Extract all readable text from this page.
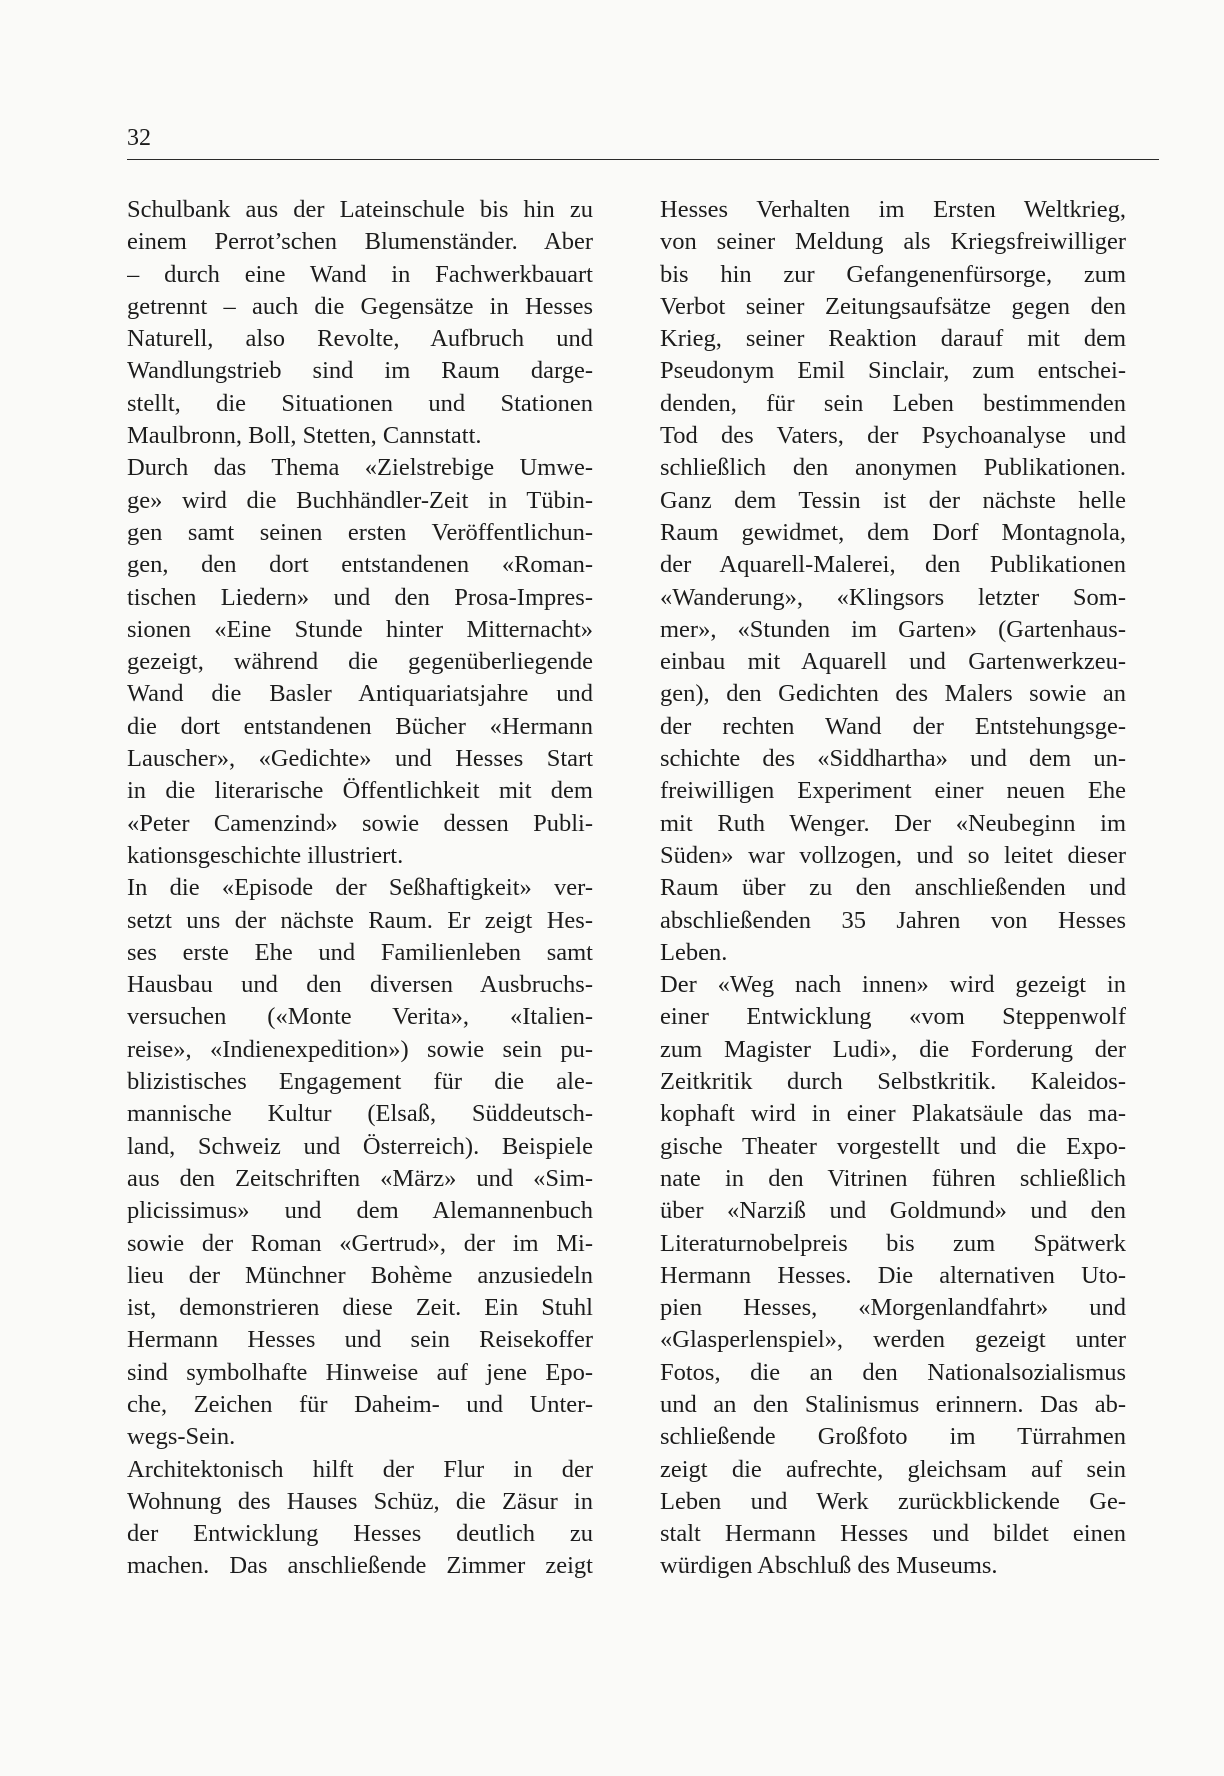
32
Schulbank aus der Lateinschule bis hin zu
einem Perrot’schen Blumenständer. Aber
– durch eine Wand in Fachwerkbauart
getrennt – auch die Gegensätze in Hesses
Naturell, also Revolte, Aufbruch und
Wandlungstrieb sind im Raum darge-
stellt, die Situationen und Stationen
Maulbronn, Boll, Stetten, Cannstatt.
Durch das Thema «Zielstrebige Umwe-
ge» wird die Buchhändler-Zeit in Tübin-
gen samt seinen ersten Veröffentlichun-
gen, den dort entstandenen «Roman-
tischen Liedern» und den Prosa-Impres-
sionen «Eine Stunde hinter Mitternacht»
gezeigt, während die gegenüberliegende
Wand die Basler Antiquariatsjahre und
die dort entstandenen Bücher «Hermann
Lauscher», «Gedichte» und Hesses Start
in die literarische Öffentlichkeit mit dem
«Peter Camenzind» sowie dessen Publi-
kationsgeschichte illustriert.
In die «Episode der Seßhaftigkeit» ver-
setzt uns der nächste Raum. Er zeigt Hes-
ses erste Ehe und Familienleben samt
Hausbau und den diversen Ausbruchs-
versuchen («Monte Verita», «Italien-
reise», «Indienexpedition») sowie sein pu-
blizistisches Engagement für die ale-
mannische Kultur (Elsaß, Süddeutsch-
land, Schweiz und Österreich). Beispiele
aus den Zeitschriften «März» und «Sim-
plicissimus» und dem Alemannenbuch
sowie der Roman «Gertrud», der im Mi-
lieu der Münchner Bohème anzusiedeln
ist, demonstrieren diese Zeit. Ein Stuhl
Hermann Hesses und sein Reisekoffer
sind symbolhafte Hinweise auf jene Epo-
che, Zeichen für Daheim- und Unter-
wegs-Sein.
Architektonisch hilft der Flur in der
Wohnung des Hauses Schüz, die Zäsur in
der Entwicklung Hesses deutlich zu
machen. Das anschließende Zimmer zeigt
Hesses Verhalten im Ersten Weltkrieg,
von seiner Meldung als Kriegsfreiwilliger
bis hin zur Gefangenenfürsorge, zum
Verbot seiner Zeitungsaufsätze gegen den
Krieg, seiner Reaktion darauf mit dem
Pseudonym Emil Sinclair, zum entschei-
denden, für sein Leben bestimmenden
Tod des Vaters, der Psychoanalyse und
schließlich den anonymen Publikationen.
Ganz dem Tessin ist der nächste helle
Raum gewidmet, dem Dorf Montagnola,
der Aquarell-Malerei, den Publikationen
«Wanderung», «Klingsors letzter Som-
mer», «Stunden im Garten» (Gartenhaus-
einbau mit Aquarell und Gartenwerkzeu-
gen), den Gedichten des Malers sowie an
der rechten Wand der Entstehungsge-
schichte des «Siddhartha» und dem un-
freiwilligen Experiment einer neuen Ehe
mit Ruth Wenger. Der «Neubeginn im
Süden» war vollzogen, und so leitet dieser
Raum über zu den anschließenden und
abschließenden 35 Jahren von Hesses
Leben.
Der «Weg nach innen» wird gezeigt in
einer Entwicklung «vom Steppenwolf
zum Magister Ludi», die Forderung der
Zeitkritik durch Selbstkritik. Kaleidos-
kophaft wird in einer Plakatsäule das ma-
gische Theater vorgestellt und die Expo-
nate in den Vitrinen führen schließlich
über «Narziß und Goldmund» und den
Literaturnobelpreis bis zum Spätwerk
Hermann Hesses. Die alternativen Uto-
pien Hesses, «Morgenlandfahrt» und
«Glasperlenspiel», werden gezeigt unter
Fotos, die an den Nationalsozialismus
und an den Stalinismus erinnern. Das ab-
schließende Großfoto im Türrahmen
zeigt die aufrechte, gleichsam auf sein
Leben und Werk zurückblickende Ge-
stalt Hermann Hesses und bildet einen
würdigen Abschluß des Museums.
